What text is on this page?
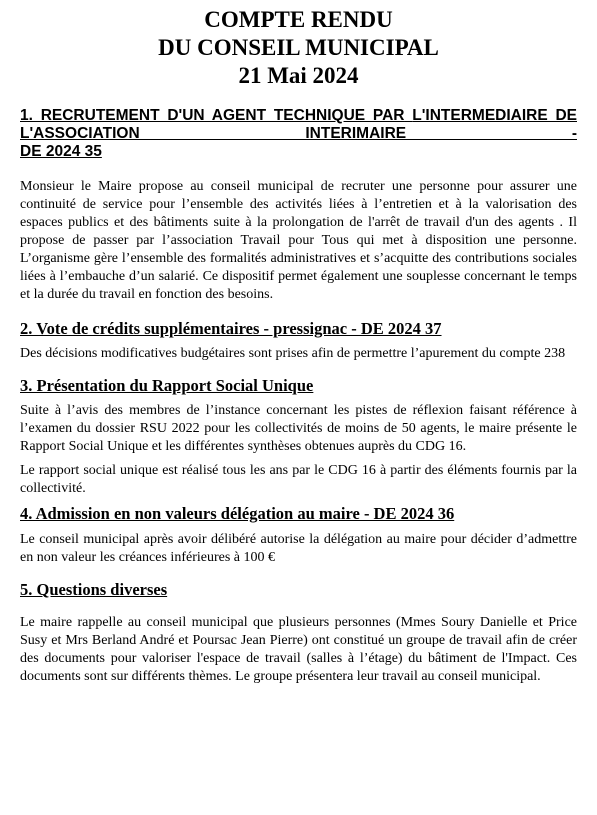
COMPTE RENDU
DU CONSEIL MUNICIPAL
21 Mai 2024
1. RECRUTEMENT D'UN AGENT TECHNIQUE PAR L'INTERMEDIAIRE DE L'ASSOCIATION INTERIMAIRE -
DE 2024 35

Monsieur le Maire propose au conseil municipal de recruter une personne pour assurer une continuité de service pour l’ensemble des activités liées à l’entretien et à la valorisation des espaces publics et des bâtiments suite à la prolongation de l'arrêt de travail d'un des agents . Il propose de passer par l’association Travail pour Tous qui met à disposition une personne. L’organisme gère l’ensemble des formalités administratives et s’acquitte des contributions sociales liées à l’embauche d’un salarié. Ce dispositif permet également une souplesse concernant le temps et la durée du travail en fonction des besoins.

2. Vote de crédits supplémentaires - pressignac - DE 2024 37

Des décisions modificatives budgétaires sont prises afin de permettre l’apurement du compte 238

3. Présentation du Rapport Social Unique

Suite à l’avis des membres de l’instance concernant les pistes de réflexion faisant référence à l’examen du dossier RSU 2022 pour les collectivités de moins de 50 agents, le maire présente le Rapport Social Unique et les différentes synthèses obtenues auprès du CDG 16.

Le rapport social unique est réalisé tous les ans par le CDG 16 à partir des éléments fournis par la collectivité.

4. Admission en non valeurs délégation au maire - DE 2024 36

Le conseil municipal après avoir délibéré autorise la délégation au maire pour décider d’admettre en non valeur les créances inférieures à 100 €

5. Questions diverses

Le maire rappelle au conseil municipal que plusieurs personnes (Mmes Soury Danielle et Price Susy et Mrs Berland André et Poursac Jean Pierre) ont constitué un groupe de travail afin de créer des documents pour valoriser l'espace de travail (salles à l’étage) du bâtiment de l'Impact. Ces documents sont sur différents thèmes. Le groupe présentera leur travail au conseil municipal.
